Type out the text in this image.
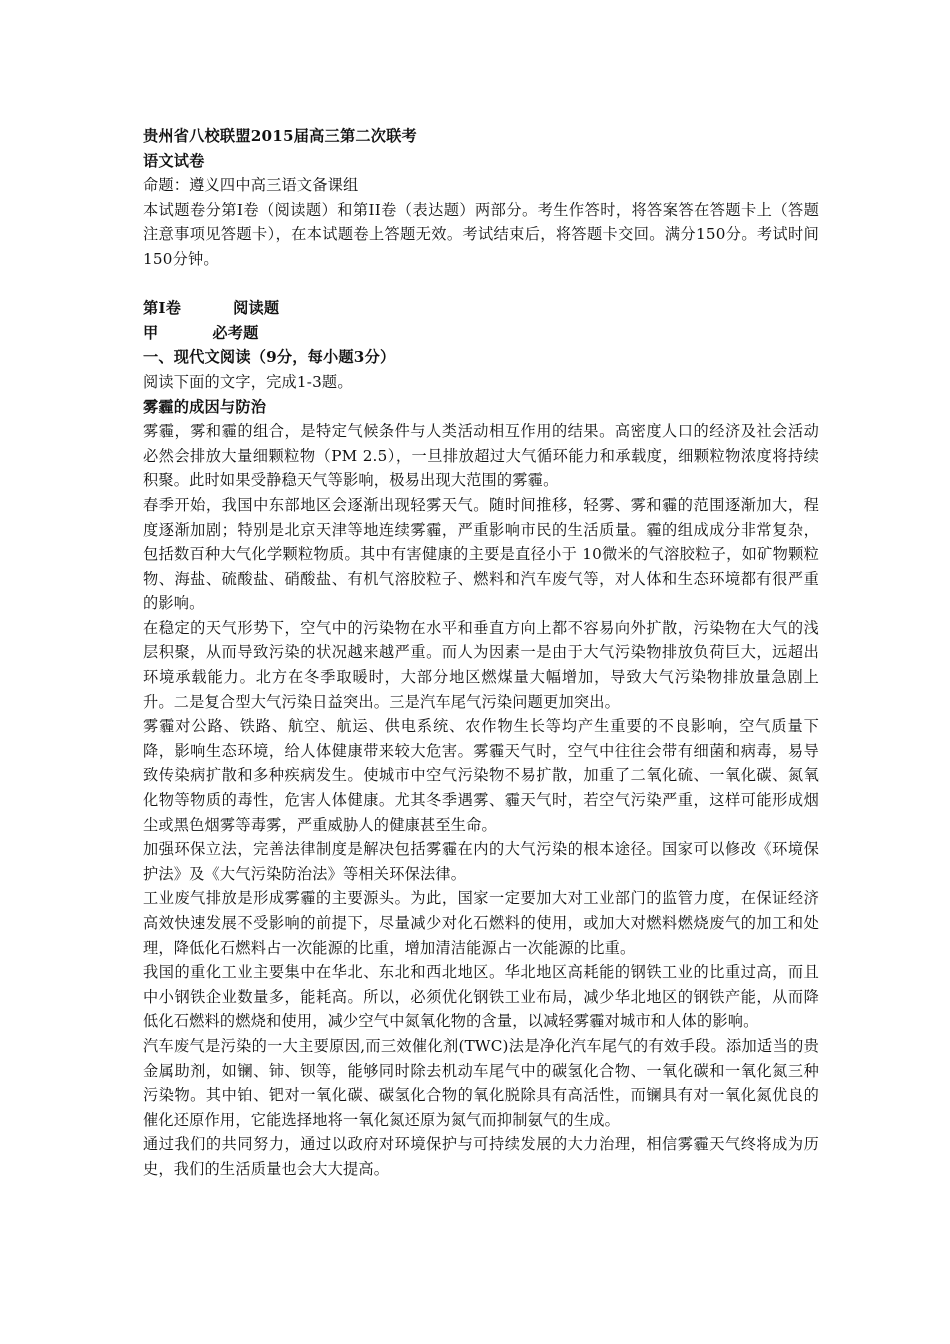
贵州省八校联盟2015届高三第二次联考
语文试卷
命题：遵义四中高三语文备课组
本试题卷分第I卷（阅读题）和第II卷（表达题）两部分。考生作答时，将答案答在答题卡上（答题注意事项见答题卡），在本试题卷上答题无效。考试结束后，将答题卡交回。满分150分。考试时间150分钟。
第Ⅰ卷	阅读题
甲	必考题
一、现代文阅读（9分，每小题3分）
阅读下面的文字，完成1-3题。
雾霾的成因与防治
雾霾，雾和霾的组合，是特定气候条件与人类活动相互作用的结果。高密度人口的经济及社会活动必然会排放大量细颗粒物（PM 2.5），一旦排放超过大气循环能力和承载度，细颗粒物浓度将持续积聚。此时如果受静稳天气等影响，极易出现大范围的雾霾。
春季开始，我国中东部地区会逐渐出现轻雾天气。随时间推移，轻雾、雾和霾的范围逐渐加大，程度逐渐加剧；特别是北京天津等地连续雾霾，严重影响市民的生活质量。霾的组成成分非常复杂，包括数百种大气化学颗粒物质。其中有害健康的主要是直径小于 10微米的气溶胶粒子，如矿物颗粒物、海盐、硫酸盐、硝酸盐、有机气溶胶粒子、燃料和汽车废气等，对人体和生态环境都有很严重的影响。
在稳定的天气形势下，空气中的污染物在水平和垂直方向上都不容易向外扩散，污染物在大气的浅层积聚，从而导致污染的状况越来越严重。而人为因素一是由于大气污染物排放负荷巨大，远超出环境承载能力。北方在冬季取暖时，大部分地区燃煤量大幅增加，导致大气污染物排放量急剧上升。二是复合型大气污染日益突出。三是汽车尾气污染问题更加突出。
雾霾对公路、铁路、航空、航运、供电系统、农作物生长等均产生重要的不良影响，空气质量下降，影响生态环境，给人体健康带来较大危害。雾霾天气时，空气中往往会带有细菌和病毒，易导致传染病扩散和多种疾病发生。使城市中空气污染物不易扩散，加重了二氧化硫、一氧化碳、氮氧化物等物质的毒性，危害人体健康。尤其冬季遇雾、霾天气时，若空气污染严重，这样可能形成烟尘或黑色烟雾等毒雾，严重威胁人的健康甚至生命。
加强环保立法，完善法律制度是解决包括雾霾在内的大气污染的根本途径。国家可以修改《环境保护法》及《大气污染防治法》等相关环保法律。
工业废气排放是形成雾霾的主要源头。为此，国家一定要加大对工业部门的监管力度，在保证经济高效快速发展不受影响的前提下，尽量减少对化石燃料的使用，或加大对燃料燃烧废气的加工和处理，降低化石燃料占一次能源的比重，增加清洁能源占一次能源的比重。
我国的重化工业主要集中在华北、东北和西北地区。华北地区高耗能的钢铁工业的比重过高，而且中小钢铁企业数量多，能耗高。所以，必须优化钢铁工业布局，减少华北地区的钢铁产能，从而降低化石燃料的燃烧和使用，减少空气中氮氧化物的含量，以减轻雾霾对城市和人体的影响。
汽车废气是污染的一大主要原因,而三效催化剂(TWC)法是净化汽车尾气的有效手段。添加适当的贵金属助剂，如镧、铈、钡等，能够同时除去机动车尾气中的碳氢化合物、一氧化碳和一氧化氮三种污染物。其中铂、钯对一氧化碳、碳氢化合物的氧化脱除具有高活性，而镧具有对一氧化氮优良的催化还原作用，它能选择地将一氧化氮还原为氮气而抑制氨气的生成。
通过我们的共同努力，通过以政府对环境保护与可持续发展的大力治理，相信雾霾天气终将成为历史，我们的生活质量也会大大提高。
